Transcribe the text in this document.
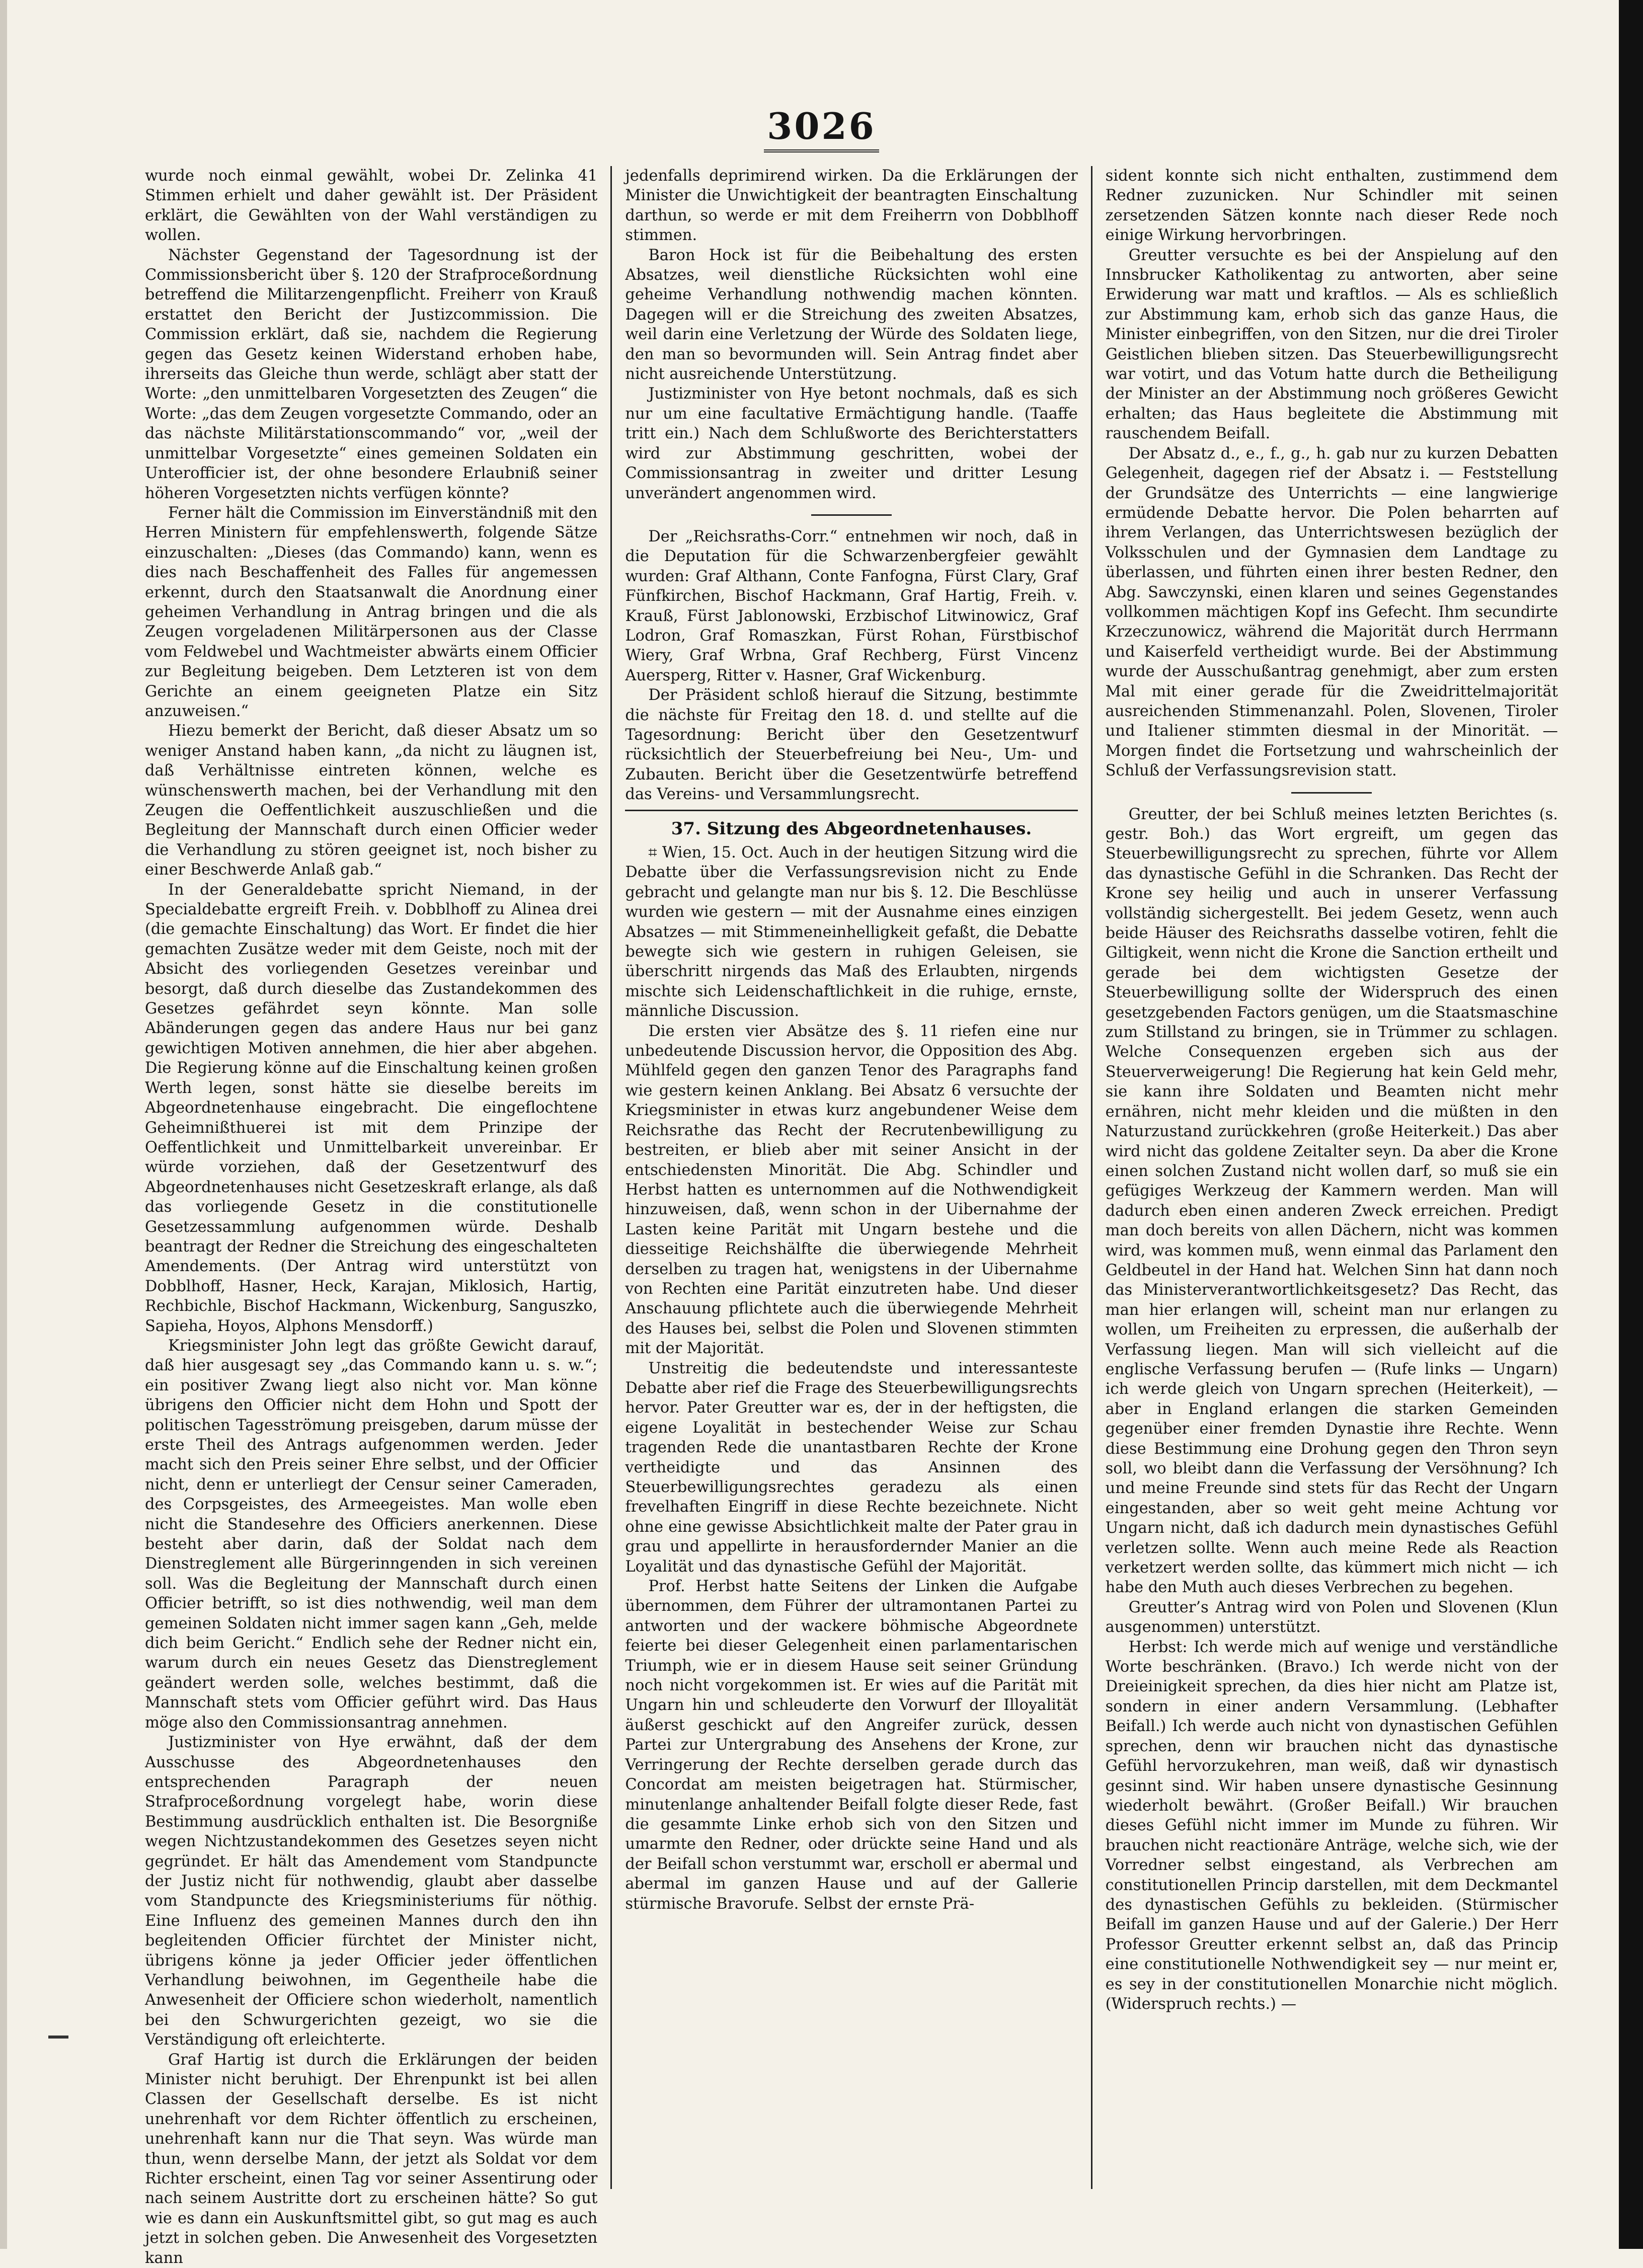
3026

wurde noch einmal gewählt, wobei Dr. Zelinka 41 Stimmen erhielt und daher gewählt ist. Der Präsident erklärt, die Gewählten von der Wahl verständigen zu wollen.

Nächster Gegenstand der Tagesordnung ist der Commissionsbericht über §. 120 der Strafproceßordnung betreffend die Militarzengenpflicht. Freiherr von Krauß erstattet den Bericht der Justizcommission. Die Commission erklärt, daß sie, nachdem die Regierung gegen das Gesetz keinen Widerstand erhoben habe, ihrerseits das Gleiche thun werde, schlägt aber statt der Worte: „den unmittelbaren Vorgesetzten des Zeugen“ die Worte: „das dem Zeugen vorgesetzte Commando, oder an das nächste Militärstationscommando“ vor, „weil der unmittelbar Vorgesetzte“ eines gemeinen Soldaten ein Unterofficier ist, der ohne besondere Erlaubniß seiner höheren Vorgesetzten nichts verfügen könnte?

Ferner hält die Commission im Einverständniß mit den Herren Ministern für empfehlenswerth, folgende Sätze einzuschalten: „Dieses (das Commando) kann, wenn es dies nach Beschaffenheit des Falles für angemessen erkennt, durch den Staatsanwalt die Anordnung einer geheimen Verhandlung in Antrag bringen und die als Zeugen vorgeladenen Militärpersonen aus der Classe vom Feldwebel und Wachtmeister abwärts einem Officier zur Begleitung beigeben. Dem Letzteren ist von dem Gerichte an einem geeigneten Platze ein Sitz anzuweisen.“

Hiezu bemerkt der Bericht, daß dieser Absatz um so weniger Anstand haben kann, „da nicht zu läugnen ist, daß Verhältnisse eintreten können, welche es wünschenswerth machen, bei der Verhandlung mit den Zeugen die Oeffentlichkeit auszuschließen und die Begleitung der Mannschaft durch einen Officier weder die Verhandlung zu stören geeignet ist, noch bisher zu einer Beschwerde Anlaß gab.“

In der Generaldebatte spricht Niemand, in der Specialdebatte ergreift Freih. v. Dobblhoff zu Alinea drei (die gemachte Einschaltung) das Wort. Er findet die hier gemachten Zusätze weder mit dem Geiste, noch mit der Absicht des vorliegenden Gesetzes vereinbar und besorgt, daß durch dieselbe das Zustandekommen des Gesetzes gefährdet seyn könnte. Man solle Abänderungen gegen das andere Haus nur bei ganz gewichtigen Motiven annehmen, die hier aber abgehen. Die Regierung könne auf die Einschaltung keinen großen Werth legen, sonst hätte sie dieselbe bereits im Abgeordnetenhause eingebracht. Die eingeflochtene Geheimnißthuerei ist mit dem Prinzipe der Oeffentlichkeit und Unmittelbarkeit unvereinbar. Er würde vorziehen, daß der Gesetzentwurf des Abgeordnetenhauses nicht Gesetzeskraft erlange, als daß das vorliegende Gesetz in die constitutionelle Gesetzessammlung aufgenommen würde. Deshalb beantragt der Redner die Streichung des eingeschalteten Amendements. (Der Antrag wird unterstützt von Dobblhoff, Hasner, Heck, Karajan, Miklosich, Hartig, Rechbichle, Bischof Hackmann, Wickenburg, Sanguszko, Sapieha, Hoyos, Alphons Mensdorff.)

Kriegsminister John legt das größte Gewicht darauf, daß hier ausgesagt sey „das Commando kann u. s. w.“; ein positiver Zwang liegt also nicht vor. Man könne übrigens den Officier nicht dem Hohn und Spott der politischen Tagesströmung preisgeben, darum müsse der erste Theil des Antrags aufgenommen werden. Jeder macht sich den Preis seiner Ehre selbst, und der Officier nicht, denn er unterliegt der Censur seiner Cameraden, des Corpsgeistes, des Armeegeistes. Man wolle eben nicht die Standesehre des Officiers anerkennen. Diese besteht aber darin, daß der Soldat nach dem Dienstreglement alle Bürgerinngenden in sich vereinen soll. Was die Begleitung der Mannschaft durch einen Officier betrifft, so ist dies nothwendig, weil man dem gemeinen Soldaten nicht immer sagen kann „Geh, melde dich beim Gericht.“ Endlich sehe der Redner nicht ein, warum durch ein neues Gesetz das Dienstreglement geändert werden solle, welches bestimmt, daß die Mannschaft stets vom Officier geführt wird. Das Haus möge also den Commissionsantrag annehmen.

Justizminister von Hye erwähnt, daß der dem Ausschusse des Abgeordnetenhauses den entsprechenden Paragraph der neuen Strafproceßordnung vorgelegt habe, worin diese Bestimmung ausdrücklich enthalten ist. Die Besorgniße wegen Nichtzustandekommen des Gesetzes seyen nicht gegründet. Er hält das Amendement vom Standpuncte der Justiz nicht für nothwendig, glaubt aber dasselbe vom Standpuncte des Kriegsministeriums für nöthig. Eine Influenz des gemeinen Mannes durch den ihn begleitenden Officier fürchtet der Minister nicht, übrigens könne ja jeder Officier jeder öffentlichen Verhandlung beiwohnen, im Gegentheile habe die Anwesenheit der Officiere schon wiederholt, namentlich bei den Schwurgerichten gezeigt, wo sie die Verständigung oft erleichterte.

Graf Hartig ist durch die Erklärungen der beiden Minister nicht beruhigt. Der Ehrenpunkt ist bei allen Classen der Gesellschaft derselbe. Es ist nicht unehrenhaft vor dem Richter öffentlich zu erscheinen, unehrenhaft kann nur die That seyn. Was würde man thun, wenn derselbe Mann, der jetzt als Soldat vor dem Richter erscheint, einen Tag vor seiner Assentirung oder nach seinem Austritte dort zu erscheinen hätte? So gut wie es dann ein Auskunftsmittel gibt, so gut mag es auch jetzt in solchen geben. Die Anwesenheit des Vorgesetzten kann

jedenfalls deprimirend wirken. Da die Erklärungen der Minister die Unwichtigkeit der beantragten Einschaltung darthun, so werde er mit dem Freiherrn von Dobblhoff stimmen.

Baron Hock ist für die Beibehaltung des ersten Absatzes, weil dienstliche Rücksichten wohl eine geheime Verhandlung nothwendig machen könnten. Dagegen will er die Streichung des zweiten Absatzes, weil darin eine Verletzung der Würde des Soldaten liege, den man so bevormunden will. Sein Antrag findet aber nicht ausreichende Unterstützung.

Justizminister von Hye betont nochmals, daß es sich nur um eine facultative Ermächtigung handle. (Taaffe tritt ein.) Nach dem Schlußworte des Berichterstatters wird zur Abstimmung geschritten, wobei der Commissionsantrag in zweiter und dritter Lesung unverändert angenommen wird.

Der „Reichsraths-Corr.“ entnehmen wir noch, daß in die Deputation für die Schwarzenbergfeier gewählt wurden: Graf Althann, Conte Fanfogna, Fürst Clary, Graf Fünfkirchen, Bischof Hackmann, Graf Hartig, Freih. v. Krauß, Fürst Jablonowski, Erzbischof Litwinowicz, Graf Lodron, Graf Romaszkan, Fürst Rohan, Fürstbischof Wiery, Graf Wrbna, Graf Rechberg, Fürst Vincenz Auersperg, Ritter v. Hasner, Graf Wickenburg.

Der Präsident schloß hierauf die Sitzung, bestimmte die nächste für Freitag den 18. d. und stellte auf die Tagesordnung: Bericht über den Gesetzentwurf rücksichtlich der Steuerbefreiung bei Neu-, Um- und Zubauten. Bericht über die Gesetzentwürfe betreffend das Vereins- und Versammlungsrecht.

37. Sitzung des Abgeordnetenhauses.

⌗ Wien, 15. Oct. Auch in der heutigen Sitzung wird die Debatte über die Verfassungsrevision nicht zu Ende gebracht und gelangte man nur bis §. 12. Die Beschlüsse wurden wie gestern — mit der Ausnahme eines einzigen Absatzes — mit Stimmeneinhelligkeit gefaßt, die Debatte bewegte sich wie gestern in ruhigen Geleisen, sie überschritt nirgends das Maß des Erlaubten, nirgends mischte sich Leidenschaftlichkeit in die ruhige, ernste, männliche Discussion.

Die ersten vier Absätze des §. 11 riefen eine nur unbedeutende Discussion hervor, die Opposition des Abg. Mühlfeld gegen den ganzen Tenor des Paragraphs fand wie gestern keinen Anklang. Bei Absatz 6 versuchte der Kriegsminister in etwas kurz angebundener Weise dem Reichsrathe das Recht der Recrutenbewilligung zu bestreiten, er blieb aber mit seiner Ansicht in der entschiedensten Minorität. Die Abg. Schindler und Herbst hatten es unternommen auf die Nothwendigkeit hinzuweisen, daß, wenn schon in der Uibernahme der Lasten keine Parität mit Ungarn bestehe und die diesseitige Reichshälfte die überwiegende Mehrheit derselben zu tragen hat, wenigstens in der Uibernahme von Rechten eine Parität einzutreten habe. Und dieser Anschauung pflichtete auch die überwiegende Mehrheit des Hauses bei, selbst die Polen und Slovenen stimmten mit der Majorität.

Unstreitig die bedeutendste und interessanteste Debatte aber rief die Frage des Steuerbewilligungsrechts hervor. Pater Greutter war es, der in der heftigsten, die eigene Loyalität in bestechender Weise zur Schau tragenden Rede die unantastbaren Rechte der Krone vertheidigte und das Ansinnen des Steuerbewilligungsrechtes geradezu als einen frevelhaften Eingriff in diese Rechte bezeichnete. Nicht ohne eine gewisse Absichtlichkeit malte der Pater grau in grau und appellirte in herausfordernder Manier an die Loyalität und das dynastische Gefühl der Majorität.

Prof. Herbst hatte Seitens der Linken die Aufgabe übernommen, dem Führer der ultramontanen Partei zu antworten und der wackere böhmische Abgeordnete feierte bei dieser Gelegenheit einen parlamentarischen Triumph, wie er in diesem Hause seit seiner Gründung noch nicht vorgekommen ist. Er wies auf die Parität mit Ungarn hin und schleuderte den Vorwurf der Illoyalität äußerst geschickt auf den Angreifer zurück, dessen Partei zur Untergrabung des Ansehens der Krone, zur Verringerung der Rechte derselben gerade durch das Concordat am meisten beigetragen hat. Stürmischer, minutenlange anhaltender Beifall folgte dieser Rede, fast die gesammte Linke erhob sich von den Sitzen und umarmte den Redner, oder drückte seine Hand und als der Beifall schon verstummt war, erscholl er abermal und abermal im ganzen Hause und auf der Gallerie stürmische Bravorufe. Selbst der ernste Prä-

sident konnte sich nicht enthalten, zustimmend dem Redner zuzunicken. Nur Schindler mit seinen zersetzenden Sätzen konnte nach dieser Rede noch einige Wirkung hervorbringen.

Greutter versuchte es bei der Anspielung auf den Innsbrucker Katholikentag zu antworten, aber seine Erwiderung war matt und kraftlos. — Als es schließlich zur Abstimmung kam, erhob sich das ganze Haus, die Minister einbegriffen, von den Sitzen, nur die drei Tiroler Geistlichen blieben sitzen. Das Steuerbewilligungsrecht war votirt, und das Votum hatte durch die Betheiligung der Minister an der Abstimmung noch größeres Gewicht erhalten; das Haus begleitete die Abstimmung mit rauschendem Beifall.

Der Absatz d., e., f., g., h. gab nur zu kurzen Debatten Gelegenheit, dagegen rief der Absatz i. — Feststellung der Grundsätze des Unterrichts — eine langwierige ermüdende Debatte hervor. Die Polen beharrten auf ihrem Verlangen, das Unterrichtswesen bezüglich der Volksschulen und der Gymnasien dem Landtage zu überlassen, und führten einen ihrer besten Redner, den Abg. Sawczynski, einen klaren und seines Gegenstandes vollkommen mächtigen Kopf ins Gefecht. Ihm secundirte Krzeczunowicz, während die Majorität durch Herrmann und Kaiserfeld vertheidigt wurde. Bei der Abstimmung wurde der Ausschußantrag genehmigt, aber zum ersten Mal mit einer gerade für die Zweidrittelmajorität ausreichenden Stimmenanzahl. Polen, Slovenen, Tiroler und Italiener stimmten diesmal in der Minorität. — Morgen findet die Fortsetzung und wahrscheinlich der Schluß der Verfassungsrevision statt.

Greutter, der bei Schluß meines letzten Berichtes (s. gestr. Boh.) das Wort ergreift, um gegen das Steuerbewilligungsrecht zu sprechen, führte vor Allem das dynastische Gefühl in die Schranken. Das Recht der Krone sey heilig und auch in unserer Verfassung vollständig sichergestellt. Bei jedem Gesetz, wenn auch beide Häuser des Reichsraths dasselbe votiren, fehlt die Giltigkeit, wenn nicht die Krone die Sanction ertheilt und gerade bei dem wichtigsten Gesetze der Steuerbewilligung sollte der Widerspruch des einen gesetzgebenden Factors genügen, um die Staatsmaschine zum Stillstand zu bringen, sie in Trümmer zu schlagen. Welche Consequenzen ergeben sich aus der Steuerverweigerung! Die Regierung hat kein Geld mehr, sie kann ihre Soldaten und Beamten nicht mehr ernähren, nicht mehr kleiden und die müßten in den Naturzustand zurückkehren (große Heiterkeit.) Das aber wird nicht das goldene Zeitalter seyn. Da aber die Krone einen solchen Zustand nicht wollen darf, so muß sie ein gefügiges Werkzeug der Kammern werden. Man will dadurch eben einen anderen Zweck erreichen. Predigt man doch bereits von allen Dächern, nicht was kommen wird, was kommen muß, wenn einmal das Parlament den Geldbeutel in der Hand hat. Welchen Sinn hat dann noch das Ministerverantwortlichkeitsgesetz? Das Recht, das man hier erlangen will, scheint man nur erlangen zu wollen, um Freiheiten zu erpressen, die außerhalb der Verfassung liegen. Man will sich vielleicht auf die englische Verfassung berufen — (Rufe links — Ungarn) ich werde gleich von Ungarn sprechen (Heiterkeit), — aber in England erlangen die starken Gemeinden gegenüber einer fremden Dynastie ihre Rechte. Wenn diese Bestimmung eine Drohung gegen den Thron seyn soll, wo bleibt dann die Verfassung der Versöhnung? Ich und meine Freunde sind stets für das Recht der Ungarn eingestanden, aber so weit geht meine Achtung vor Ungarn nicht, daß ich dadurch mein dynastisches Gefühl verletzen sollte. Wenn auch meine Rede als Reaction verketzert werden sollte, das kümmert mich nicht — ich habe den Muth auch dieses Verbrechen zu begehen.

Greutter’s Antrag wird von Polen und Slovenen (Klun ausgenommen) unterstützt.

Herbst: Ich werde mich auf wenige und verständliche Worte beschränken. (Bravo.) Ich werde nicht von der Dreieinigkeit sprechen, da dies hier nicht am Platze ist, sondern in einer andern Versammlung. (Lebhafter Beifall.) Ich werde auch nicht von dynastischen Gefühlen sprechen, denn wir brauchen nicht das dynastische Gefühl hervorzukehren, man weiß, daß wir dynastisch gesinnt sind. Wir haben unsere dynastische Gesinnung wiederholt bewährt. (Großer Beifall.) Wir brauchen dieses Gefühl nicht immer im Munde zu führen. Wir brauchen nicht reactionäre Anträge, welche sich, wie der Vorredner selbst eingestand, als Verbrechen am constitutionellen Princip darstellen, mit dem Deckmantel des dynastischen Gefühls zu bekleiden. (Stürmischer Beifall im ganzen Hause und auf der Galerie.) Der Herr Professor Greutter erkennt selbst an, daß das Princip eine constitutionelle Nothwendigkeit sey — nur meint er, es sey in der constitutionellen Monarchie nicht möglich. (Widerspruch rechts.) —
